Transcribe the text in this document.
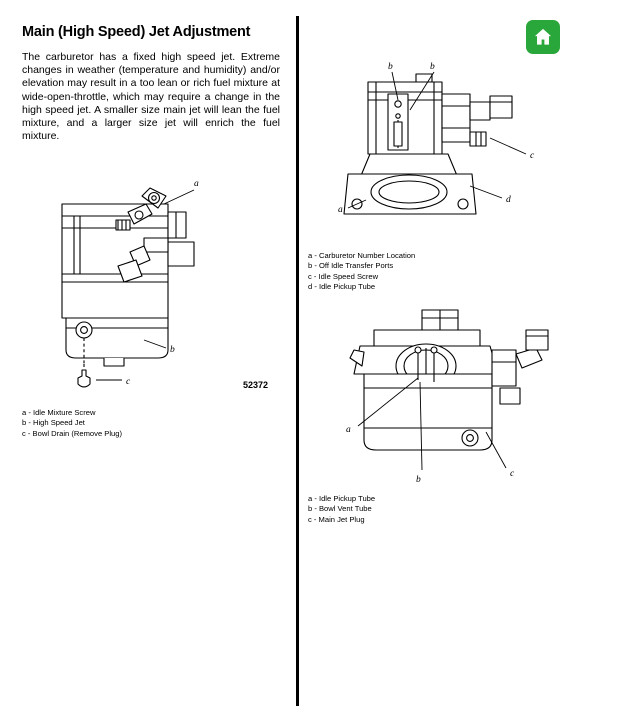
Main (High Speed) Jet Adjustment

The carburetor has a fixed high speed jet. Extreme changes in weather (temperature and humidity) and/or elevation may result in a too lean or rich fuel mixture at wide-open-throttle, which may require a change in the high speed jet. A smaller size main jet will lean the fuel mixture, and a larger size jet will enrich the fuel mixture.

a
b
c	52372
a - Idle Mixture Screw
b - High Speed Jet
c - Bowl Drain (Remove Plug)
b	b
a
c
d
a - Carburetor Number Location
b - Off Idle Transfer Ports
c - Idle Speed Screw
d - Idle Pickup Tube
a
b
c
a - Idle Pickup Tube
b - Bowl Vent Tube
c - Main Jet Plug
